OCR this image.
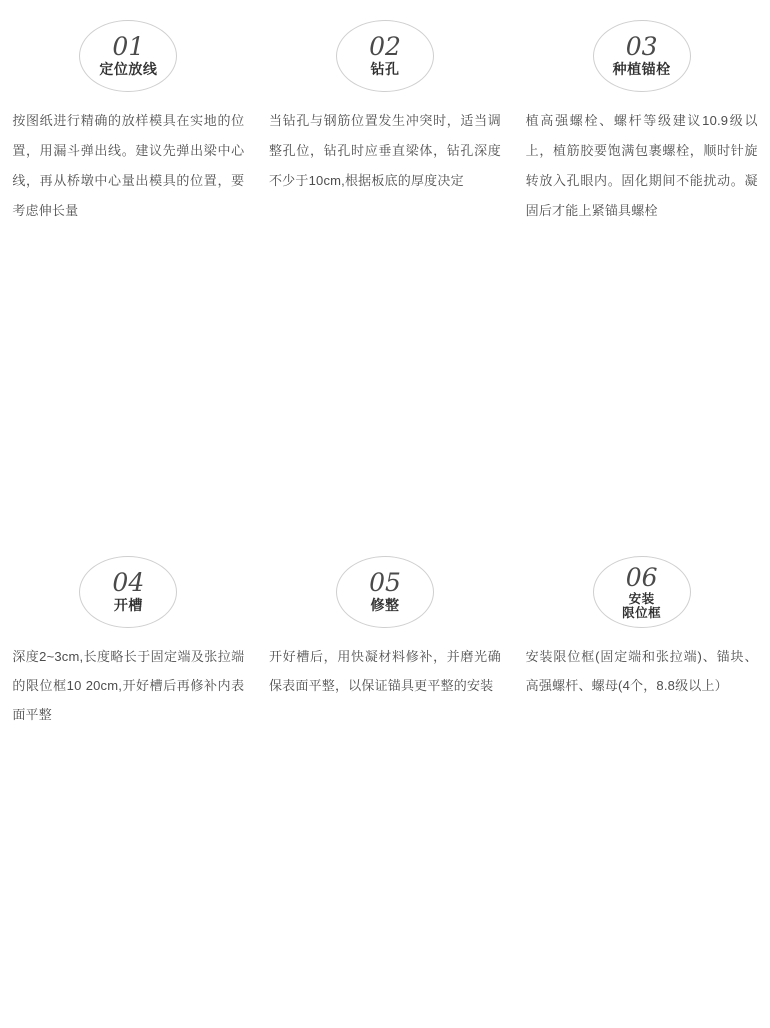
01
定位放线
按图纸进行精确的放样模具在实地的位置，用漏斗弹出线。建议先弹出梁中心线，再从桥墩中心量出模具的位置，要考虑伸长量
02
钻孔
当钻孔与钢筋位置发生冲突时，适当调整孔位，钻孔时应垂直梁体，钻孔深度不少于10cm,根据板底的厚度决定
03
种植锚栓
植高强螺栓、螺杆等级建议10.9级以上，植筋胶要饱满包裹螺栓，顺时针旋转放入孔眼内。固化期间不能扰动。凝固后才能上紧锚具螺栓
04
开槽
深度2~3cm,长度略长于固定端及张拉端的限位框10 20cm,开好槽后再修补内表面平整
05
修整
开好槽后，用快凝材料修补，并磨光确保表面平整，以保证锚具更平整的安装
06
安装
限位框
安装限位框(固定端和张拉端)、锚块、高强螺杆、螺母(4个，8.8级以上）
